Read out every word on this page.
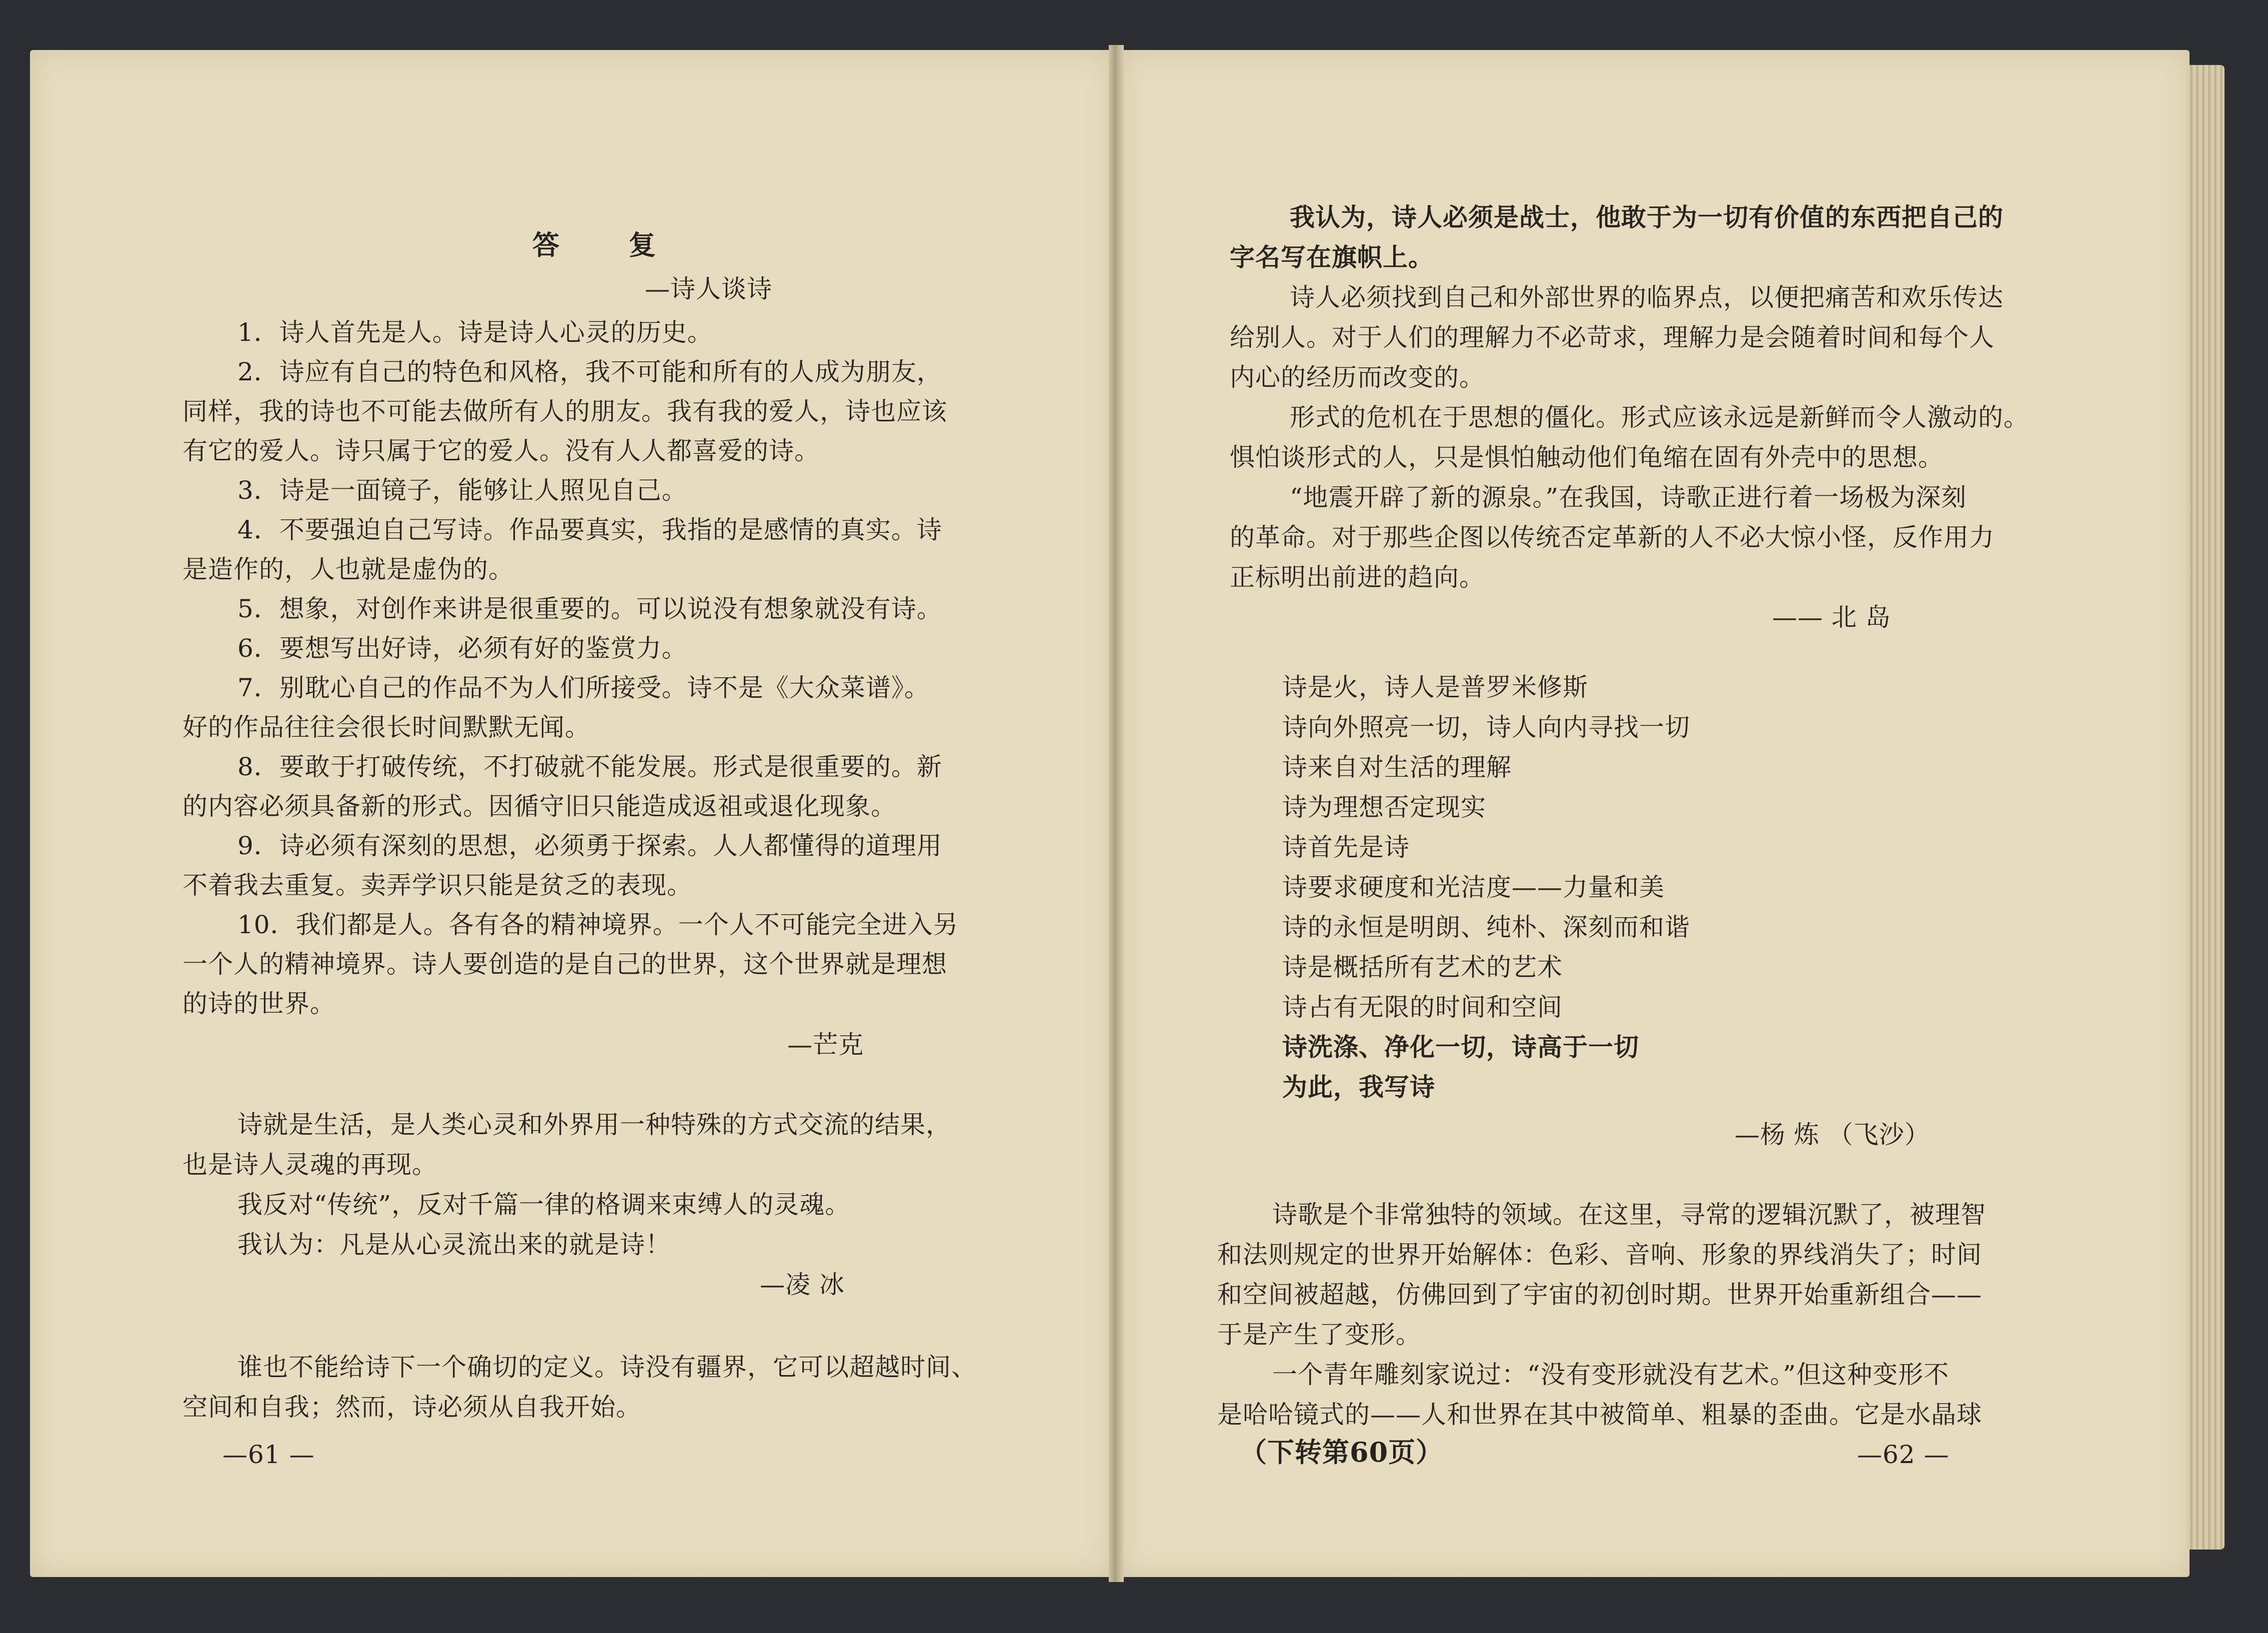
答 复

—诗人谈诗

1．诗人首先是人。诗是诗人心灵的历史。

2．诗应有自己的特色和风格，我不可能和所有的人成为朋友，

同样，我的诗也不可能去做所有人的朋友。我有我的爱人，诗也应该

有它的爱人。诗只属于它的爱人。没有人人都喜爱的诗。

3．诗是一面镜子，能够让人照见自己。

4．不要强迫自己写诗。作品要真实，我指的是感情的真实。诗

是造作的，人也就是虚伪的。

5．想象，对创作来讲是很重要的。可以说没有想象就没有诗。

6．要想写出好诗，必须有好的鉴赏力。

7．别耽心自己的作品不为人们所接受。诗不是《大众菜谱》。

好的作品往往会很长时间默默无闻。

8．要敢于打破传统，不打破就不能发展。形式是很重要的。新

的内容必须具备新的形式。因循守旧只能造成返祖或退化现象。

9．诗必须有深刻的思想，必须勇于探索。人人都懂得的道理用

不着我去重复。卖弄学识只能是贫乏的表现。

10．我们都是人。各有各的精神境界。一个人不可能完全进入另

一个人的精神境界。诗人要创造的是自己的世界，这个世界就是理想

的诗的世界。

—芒克

诗就是生活，是人类心灵和外界用一种特殊的方式交流的结果，

也是诗人灵魂的再现。

我反对“传统”，反对千篇一律的格调来束缚人的灵魂。

我认为：凡是从心灵流出来的就是诗！

—凌 冰

谁也不能给诗下一个确切的定义。诗没有疆界，它可以超越时间、

空间和自我；然而，诗必须从自我开始。

—61 —

我认为，诗人必须是战士，他敢于为一切有价值的东西把自己的

字名写在旗帜上。

诗人必须找到自己和外部世界的临界点，以便把痛苦和欢乐传达

给别人。对于人们的理解力不必苛求，理解力是会随着时间和每个人

内心的经历而改变的。

形式的危机在于思想的僵化。形式应该永远是新鲜而令人激动的。

惧怕谈形式的人，只是惧怕触动他们龟缩在固有外壳中的思想。

“地震开辟了新的源泉。”在我国，诗歌正进行着一场极为深刻

的革命。对于那些企图以传统否定革新的人不必大惊小怪，反作用力

正标明出前进的趋向。

—— 北 岛

诗是火，诗人是普罗米修斯

诗向外照亮一切，诗人向内寻找一切

诗来自对生活的理解

诗为理想否定现实

诗首先是诗

诗要求硬度和光洁度——力量和美

诗的永恒是明朗、纯朴、深刻而和谐

诗是概括所有艺术的艺术

诗占有无限的时间和空间

诗洗涤、净化一切，诗高于一切

为此，我写诗

—杨 炼 （飞沙）

诗歌是个非常独特的领域。在这里，寻常的逻辑沉默了，被理智

和法则规定的世界开始解体：色彩、音响、形象的界线消失了；时间

和空间被超越，仿佛回到了宇宙的初创时期。世界开始重新组合——

于是产生了变形。

一个青年雕刻家说过：“没有变形就没有艺术。”但这种变形不

是哈哈镜式的——人和世界在其中被简单、粗暴的歪曲。它是水晶球

（下转第60页）	—62 —
